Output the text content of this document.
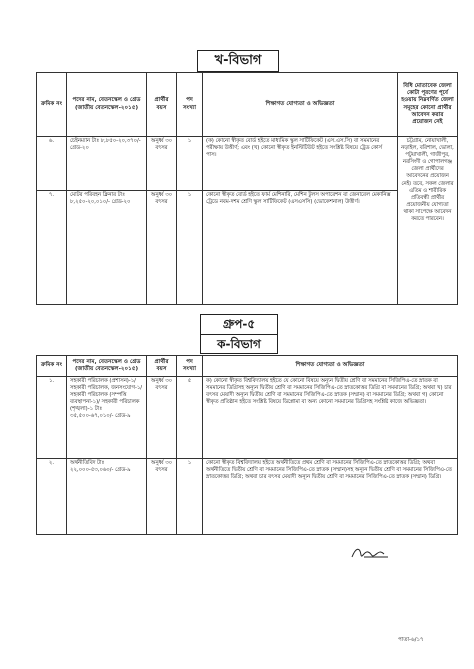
খ-বিভাগ
ক্রমিক নং	পদের নাম, বেতনস্কেল ও গ্রেড (জাতীয় বেতনস্কেল-২০১৫)	প্রার্থীর বয়স	পদ সংখ্যা	শিক্ষাগত যোগ্যতা ও অভিজ্ঞতা	বিধি মোতাবেক জেলা কোটা পূরণের পূর্বে হওয়ায় নিম্নবর্ণিত জেলা সমূহের কোনো প্রার্থীর আবেদন করার প্রয়োজন নেই
৬.	চেইনম্যান টাঃ ৮,৮৫০-২০,৩৭০/- গ্রেড-২০	অনুর্ধ্ব ৩০ বৎসর	১	(ক) কোনো স্বীকৃত বোর্ড হইতে মাধ্যমিক স্কুল সার্টিফিকেট (এস.এস.সি) বা সমমানের পরীক্ষায় উত্তীর্ণ; এবং (খ) কোনো স্বীকৃত ইনস্টিটিউট হইতে সংশ্লিষ্ট বিষয়ে ট্রেড কোর্স পাস।	চট্টগ্রাম, নোয়াখালী, নড়াইল, বরিশাল, ভোলা, পটুয়াখালী, গাজীপুর, নরসিংদী ও গোপালগঞ্জ জেলা প্রার্থীদের আবেদনের প্রয়োজন নেই। তবে, সকল জেলার এতিম ও শারীরিক প্রতিবন্ধী প্রার্থীর প্রয়োজনীয় যোগ্যতা থাকা সাপেক্ষে আবেদন করতে পারবেন।
৭.	মোটর পরিবহন ক্লিনার টাঃ ৮,২৫০-২০,০১০/- গ্রেড-২০	অনুর্ধ্ব ৩০ বৎসর	১	কোনো স্বীকৃত বোর্ড হইতে ফার্ম মেশিনারি, মেশিন টুলস অপারেশন বা জেনারেল মেকানিক্স ট্রেডে নবম-দশম শ্রেণি স্কুল সার্টিফিকেট (এসএসসি) (ভোকেশনাল) উত্তীর্ণ।	
গ্রুপ-৫
ক-বিভাগ
ক্রমিক নং	পদের নাম, বেতনস্কেল ও গ্রেড (জাতীয় বেতনস্কেল-২০১৫)	প্রার্থীর বয়স	পদ সংখ্যা	শিক্ষাগত যোগ্যতা ও অভিজ্ঞতা
১.	সহকারী পরিচালক (প্রশাসন)-১/ সহকারী পরিচালক, জনসংযোগ-১/ সহকারী পরিচালক (সম্পত্তি ব্যবস্থাপনা-১)/ সহকারী পরিচালক (শৃঙ্খলা)-১ টাঃ ৩৫,৫০০-৬৭,০১০/- গ্রেড-৯	অনুর্ধ্ব ৩০ বৎসর	৫	ক) কোনো স্বীকৃত বিশ্ববিদ্যালয় হইতে যে কোনো বিষয়ে অন্যূন দ্বিতীয় শ্রেণি বা সমমানের সিজিপিএ-তে স্নাতক বা সমমানের ডিগ্রিসহ অন্যূন দ্বিতীয় শ্রেণি বা সমমানের সিজিপিএ-তে স্নাতকোত্তর ডিগ্রি বা সমমানের ডিগ্রি; অথবা খ) চার বৎসর মেয়াদী অন্যূন দ্বিতীয় শ্রেণি বা সমমানের সিজিপিএ-তে স্নাতক (সম্মান) বা সমমানের ডিগ্রি; অথবা গ) কোনো স্বীকৃত প্রতিষ্ঠান হইতে সংশ্লিষ্ট বিষয়ে ডিপ্লোমা বা অন্য কোনো সমমানের ডিগ্রিসহ সংশ্লিষ্ট কাজে অভিজ্ঞতা।
২.	অর্থনীতিবিদ টাঃ ২২,০০০-৫৩,০৬০/- গ্রেড-৯	অনুর্ধ্ব ৩০ বৎসর	১	কোনো স্বীকৃত বিশ্ববিদ্যালয় হইতে অর্থনীতিতে প্রথম শ্রেণি বা সমমানের সিজিপিএ-তে স্নাতকোত্তর ডিগ্রি; অথবা অর্থনীতিতে দ্বিতীয় শ্রেণি বা সমমানের সিজিপিএ-তে স্নাতক (সম্মান)সহ অন্যূন দ্বিতীয় শ্রেণি বা সমমানের সিজিপিএ-তে স্নাতকোত্তর ডিগ্রি; অথবা চার বৎসর মেয়াদী অন্যূন দ্বিতীয় শ্রেণি বা সমমানের সিজিপিএ-তে স্নাতক (সম্মান) ডিগ্রি।
পাতা-৬/১৭
